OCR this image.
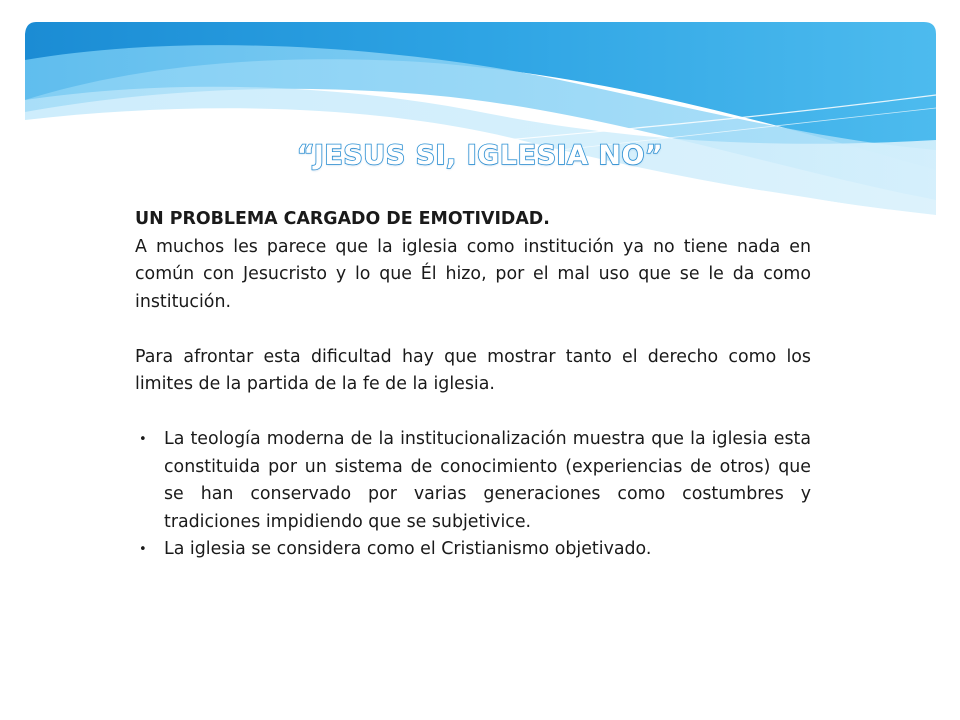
“JESUS SI, IGLESIA NO”

UN PROBLEMA CARGADO DE EMOTIVIDAD.

A muchos les parece que la iglesia como institución ya no tiene nada en común con Jesucristo y lo que Él hizo, por el mal uso que se le da como institución.

Para afrontar esta dificultad hay que mostrar tanto el derecho como los limites de la partida de la fe de la iglesia.

• La teología moderna de la institucionalización muestra que la iglesia esta constituida por un sistema de conocimiento (experiencias de otros) que se han conservado por varias generaciones como costumbres y tradiciones impidiendo que se subjetivice.
• La iglesia se considera como el Cristianismo objetivado.
